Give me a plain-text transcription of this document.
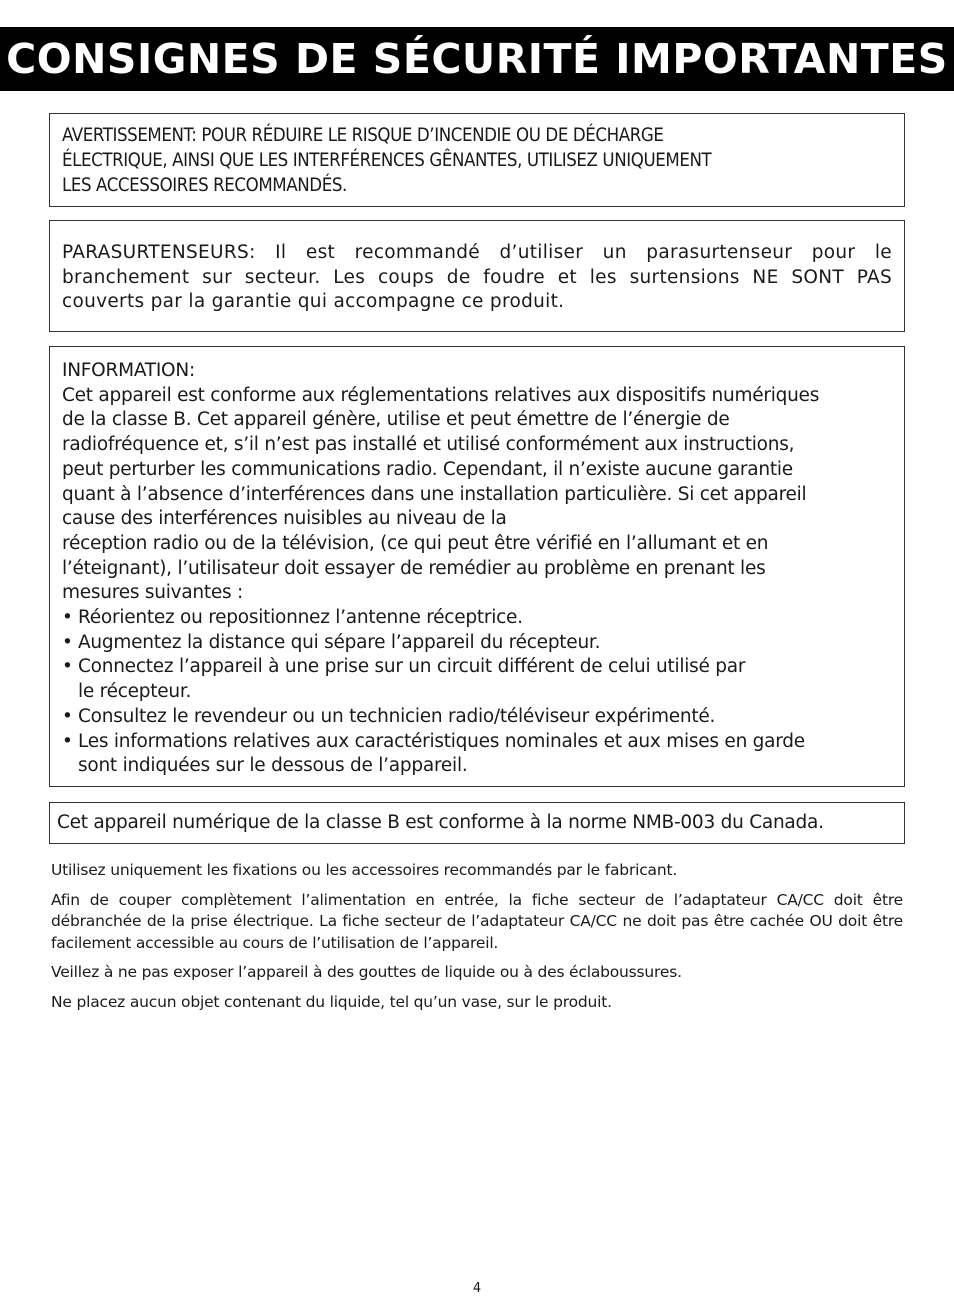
CONSIGNES DE SÉCURITÉ IMPORTANTES

AVERTISSEMENT: POUR RÉDUIRE LE RISQUE D’INCENDIE OU DE DÉCHARGE
ÉLECTRIQUE, AINSI QUE LES INTERFÉRENCES GÊNANTES, UTILISEZ UNIQUEMENT
LES ACCESSOIRES RECOMMANDÉS.

PARASURTENSEURS: Il est recommandé d’utiliser un parasurtenseur pour le branchement sur secteur. Les coups de foudre et les surtensions NE SONT PAS couverts par la garantie qui accompagne ce produit.

INFORMATION:
Cet appareil est conforme aux réglementations relatives aux dispositifs numériques
de la classe B. Cet appareil génère, utilise et peut émettre de l’énergie de
radiofréquence et, s’il n’est pas installé et utilisé conformément aux instructions,
peut perturber les communications radio. Cependant, il n’existe aucune garantie
quant à l’absence d’interférences dans une installation particulière. Si cet appareil
cause des interférences nuisibles au niveau de la
réception radio ou de la télévision, (ce qui peut être vérifié en l’allumant et en
l’éteignant), l’utilisateur doit essayer de remédier au problème en prenant les
mesures suivantes :
• Réorientez ou repositionnez l’antenne réceptrice.
• Augmentez la distance qui sépare l’appareil du récepteur.
• Connectez l’appareil à une prise sur un circuit différent de celui utilisé par
le récepteur.
• Consultez le revendeur ou un technicien radio/téléviseur expérimenté.
• Les informations relatives aux caractéristiques nominales et aux mises en garde
sont indiquées sur le dessous de l’appareil.

Cet appareil numérique de la classe B est conforme à la norme NMB-003 du Canada.

Utilisez uniquement les fixations ou les accessoires recommandés par le fabricant.

Afin de couper complètement l’alimentation en entrée, la fiche secteur de l’adaptateur CA/CC doit être débranchée de la prise électrique. La fiche secteur de l’adaptateur CA/CC ne doit pas être cachée OU doit être facilement accessible au cours de l’utilisation de l’appareil.

Veillez à ne pas exposer l’appareil à des gouttes de liquide ou à des éclaboussures.

Ne placez aucun objet contenant du liquide, tel qu’un vase, sur le produit.

4
